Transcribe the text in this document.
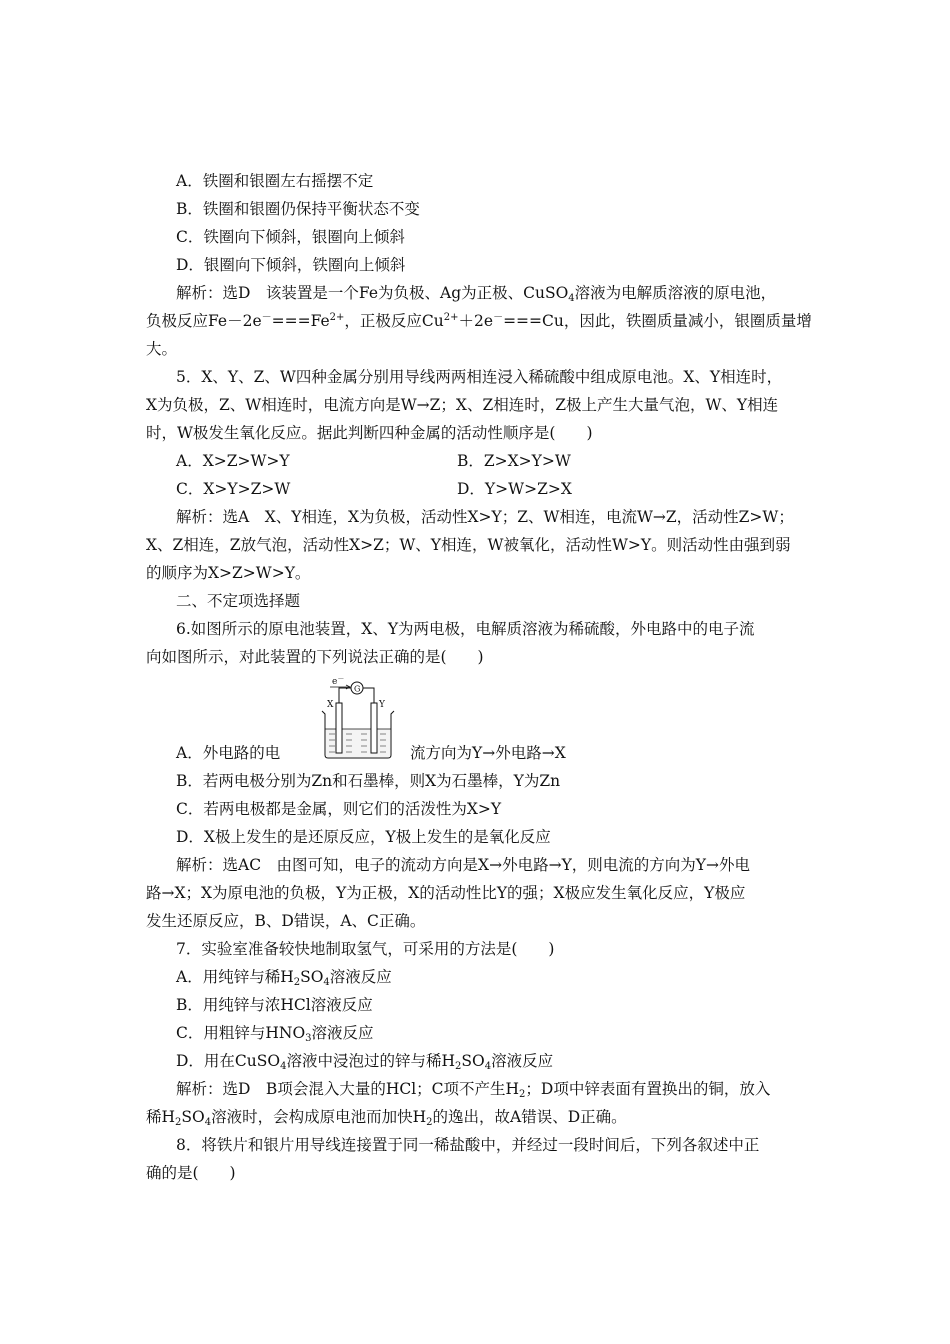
A．铁圈和银圈左右摇摆不定
B．铁圈和银圈仍保持平衡状态不变
C．铁圈向下倾斜，银圈向上倾斜
D．银圈向下倾斜，铁圈向上倾斜
解析：选D　该装置是一个Fe为负极、Ag为正极、CuSO$_4$溶液为电解质溶液的原电池，
负极反应$Fe-2e^-===Fe^{2+}$，正极反应$Cu^{2+}+2e^-===Cu$，因此，铁圈质量减小，银圈质量增
大。
5．X、Y、Z、W四种金属分别用导线两两相连浸入稀硫酸中组成原电池。X、Y相连时，
X为负极，Z、W相连时，电流方向是W→Z；X、Z相连时，Z极上产生大量气泡，W、Y相连
时，W极发生氧化反应。据此判断四种金属的活动性顺序是(　　)
A．X>Z>W>Y	B．Z>X>Y>W
C．X>Y>Z>W	D．Y>W>Z>X
解析：选A　X、Y相连，X为负极，活动性X>Y；Z、W相连，电流W→Z，活动性Z>W；
X、Z相连，Z放气泡，活动性X>Z；W、Y相连，W被氧化，活动性W>Y。则活动性由强到弱
的顺序为X>Z>W>Y。
二、不定项选择题
6.如图所示的原电池装置，X、Y为两电极，电解质溶液为稀硫酸，外电路中的电子流
向如图所示，对此装置的下列说法正确的是(　　)
e－
G
X	Y
A．外电路的电	流方向为Y→外电路→X
B．若两电极分别为Zn和石墨棒，则X为石墨棒，Y为Zn
C．若两电极都是金属，则它们的活泼性为X>Y
D．X极上发生的是还原反应，Y极上发生的是氧化反应
解析：选AC　由图可知，电子的流动方向是X→外电路→Y，则电流的方向为Y→外电
路→X；X为原电池的负极，Y为正极，X的活动性比Y的强；X极应发生氧化反应，Y极应
发生还原反应，B、D错误，A、C正确。
7．实验室准备较快地制取氢气，可采用的方法是(　　)
A．用纯锌与稀$H_2SO_4$溶液反应
B．用纯锌与浓HCl溶液反应
C．用粗锌与$HNO_3$溶液反应
D．用在CuSO$_4$溶液中浸泡过的锌与稀$H_2SO_4$溶液反应
解析：选D　B项会混入大量的HCl；C项不产生$H_2$；D项中锌表面有置换出的铜，放入
稀$H_2SO_4$溶液时，会构成原电池而加快$H_2$的逸出，故A错误、D正确。
8．将铁片和银片用导线连接置于同一稀盐酸中，并经过一段时间后，下列各叙述中正
确的是(　　)
